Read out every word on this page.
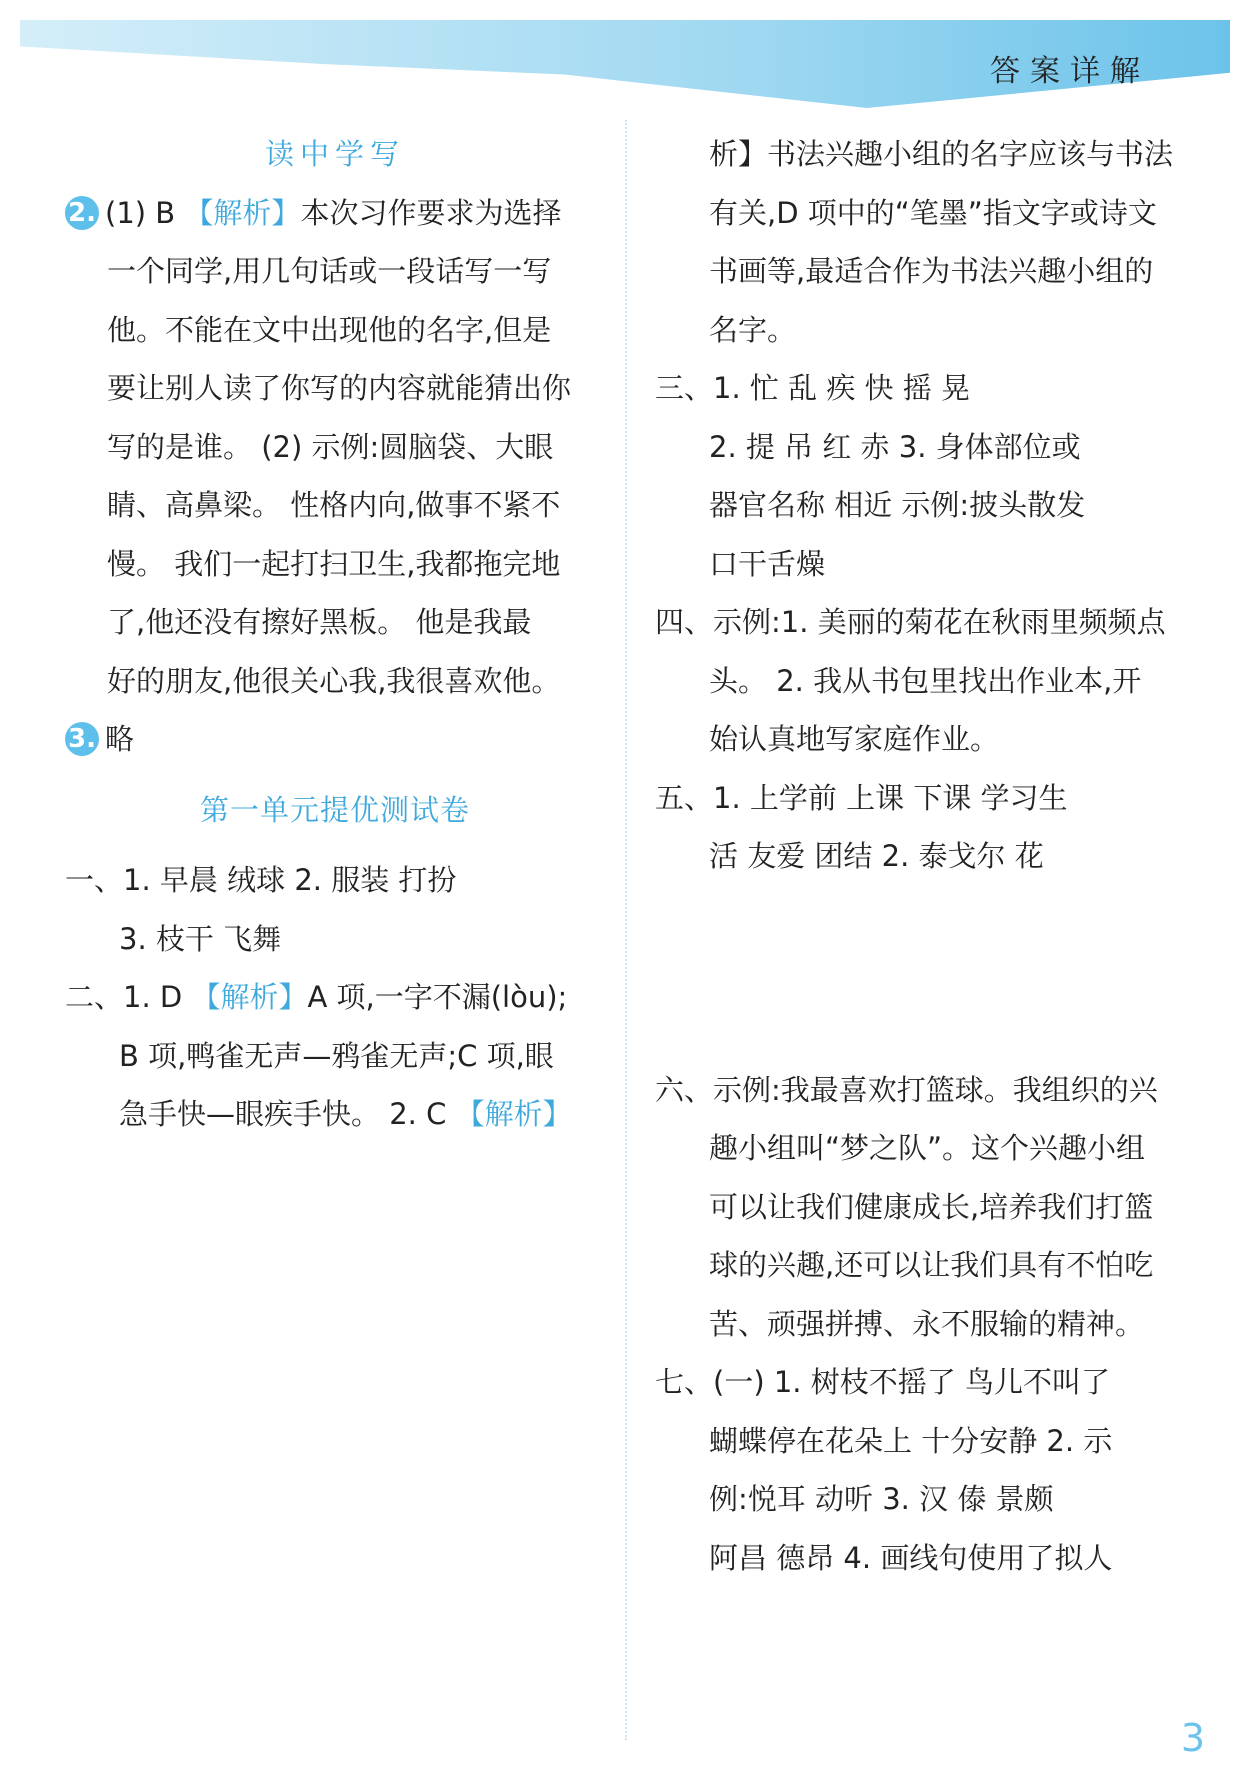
答案详解
读中学写
2. (1) B 【解析】本次习作要求为选择
一个同学,用几句话或一段话写一写
他。不能在文中出现他的名字,但是
要让别人读了你写的内容就能猜出你
写的是谁。 (2) 示例:圆脑袋、大眼
睛、高鼻梁。 性格内向,做事不紧不
慢。 我们一起打扫卫生,我都拖完地
了,他还没有擦好黑板。 他是我最
好的朋友,他很关心我,我很喜欢他。
3. 略
第一单元提优测试卷
一、1. 早晨 绒球 2. 服装 打扮
3. 枝干 飞舞
二、1. D 【解析】A 项,一字不漏(lòu);
B 项,鸭雀无声—鸦雀无声;C 项,眼
急手快—眼疾手快。 2. C 【解析】
析】书法兴趣小组的名字应该与书法
有关,D 项中的“笔墨”指文字或诗文
书画等,最适合作为书法兴趣小组的
名字。
三、1. 忙 乱 疾 快 摇 晃
2. 提 吊 红 赤 3. 身体部位或
器官名称 相近 示例:披头散发
口干舌燥
四、示例:1. 美丽的菊花在秋雨里频频点
头。 2. 我从书包里找出作业本,开
始认真地写家庭作业。
五、1. 上学前 上课 下课 学习生
活 友爱 团结 2. 泰戈尔 花
六、示例:我最喜欢打篮球。我组织的兴
趣小组叫“梦之队”。这个兴趣小组
可以让我们健康成长,培养我们打篮
球的兴趣,还可以让我们具有不怕吃
苦、顽强拼搏、永不服输的精神。
七、(一) 1. 树枝不摇了 鸟儿不叫了
蝴蝶停在花朵上 十分安静 2. 示
例:悦耳 动听 3. 汉 傣 景颇
阿昌 德昂 4. 画线句使用了拟人
3
